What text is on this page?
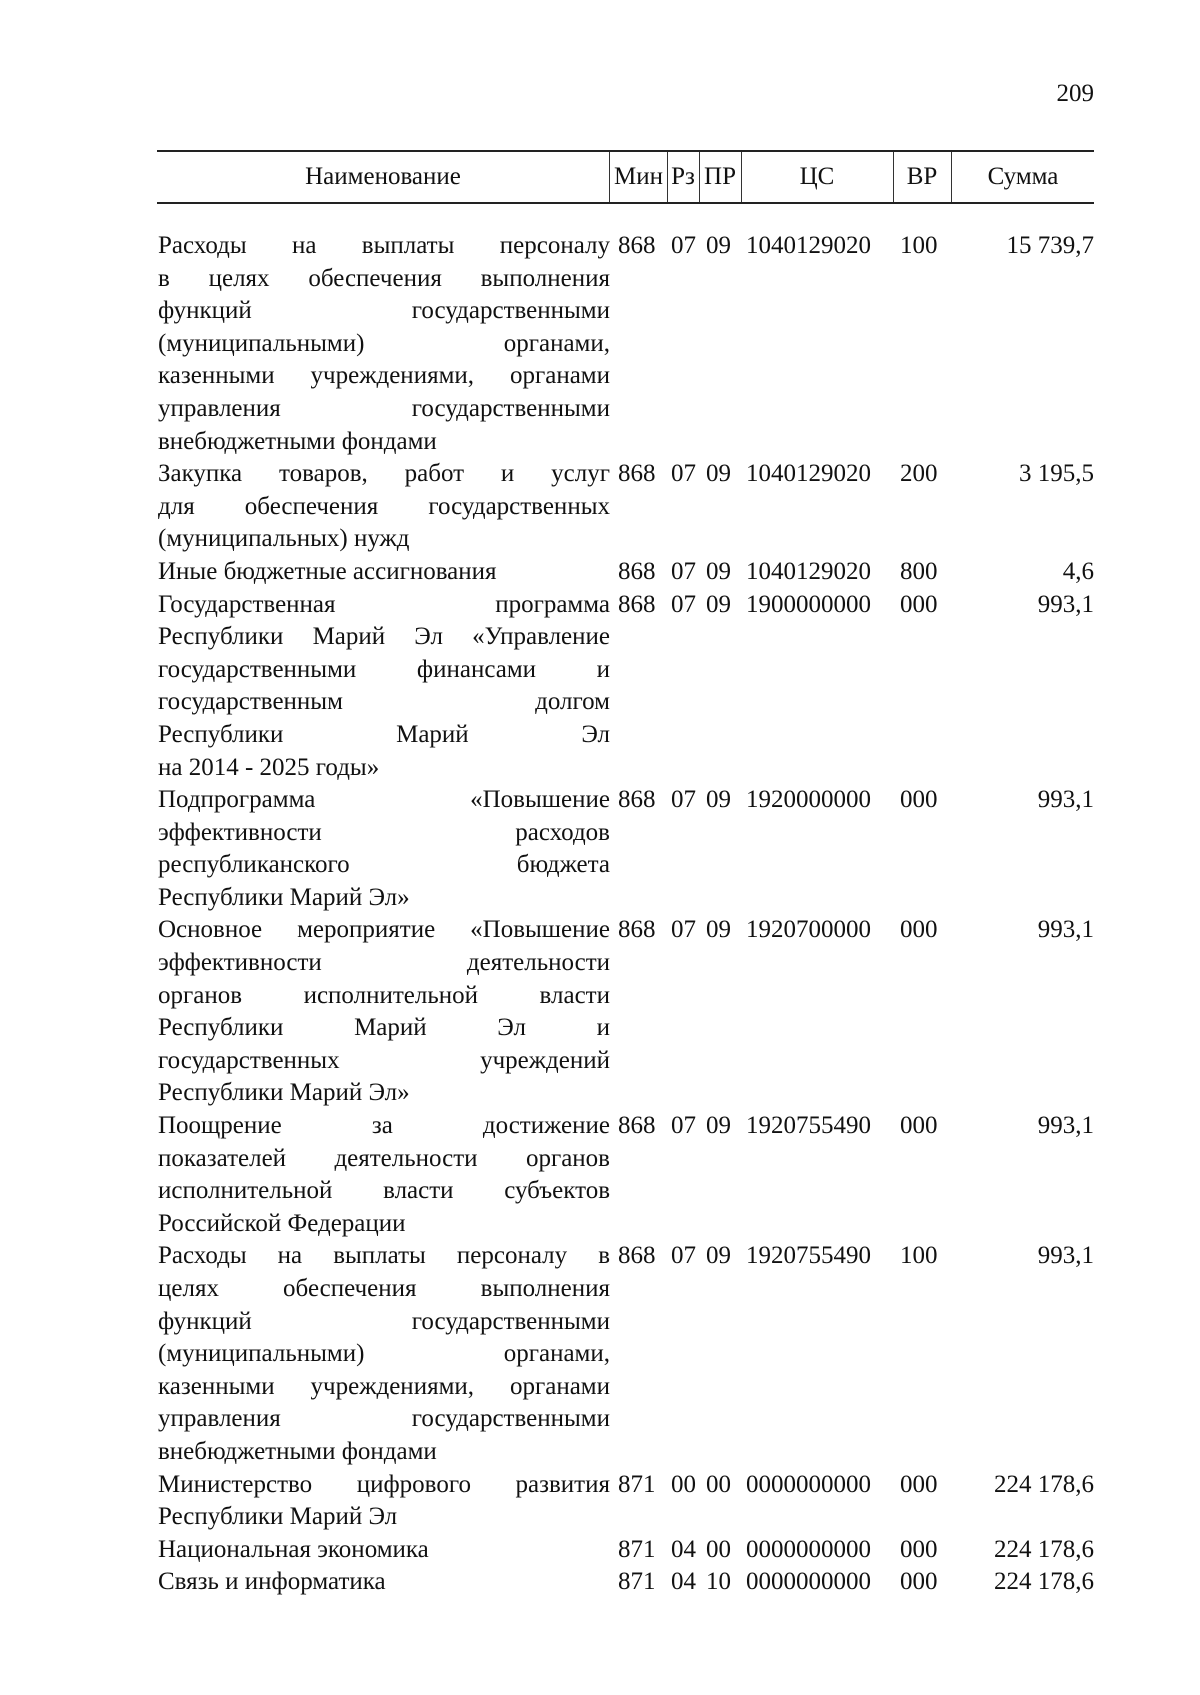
209
Наименование	Мин Рз ПР	ЦС	ВР	Сумма
Расходы на выплаты персоналу
в целях обеспечения выполнения
функций государственными
(муниципальными) органами,
казенными учреждениями, органами
управления государственными
внебюджетными фондами
868 07 09 1040129020 100	15 739,7
Закупка товаров, работ и услуг
для обеспечения государственных
(муниципальных) нужд
868 07 09 1040129020 200	3 195,5
Иные бюджетные ассигнования	868 07 09 1040129020 800	4,6
Государственная программа
Республики Марий Эл «Управление
государственными финансами и
государственным долгом
Республики Марий Эл
на 2014 - 2025 годы»
868 07 09 1900000000 000	993,1
Подпрограмма «Повышение
эффективности расходов
республиканского бюджета
Республики Марий Эл»
868 07 09 1920000000 000	993,1
Основное мероприятие «Повышение
эффективности деятельности
органов исполнительной власти
Республики Марий Эл и
государственных учреждений
Республики Марий Эл»
868 07 09 1920700000 000	993,1
Поощрение за достижение
показателей деятельности органов
исполнительной власти субъектов
Российской Федерации
868 07 09 1920755490 000	993,1
Расходы на выплаты персоналу в
целях обеспечения выполнения
функций государственными
(муниципальными) органами,
казенными учреждениями, органами
управления государственными
внебюджетными фондами
868 07 09 1920755490 100	993,1
Министерство цифрового развития
Республики Марий Эл
871 00 00 0000000000 000	224 178,6
Национальная экономика	871 04 00 0000000000 000	224 178,6
Связь и информатика	871 04 10 0000000000 000	224 178,6
